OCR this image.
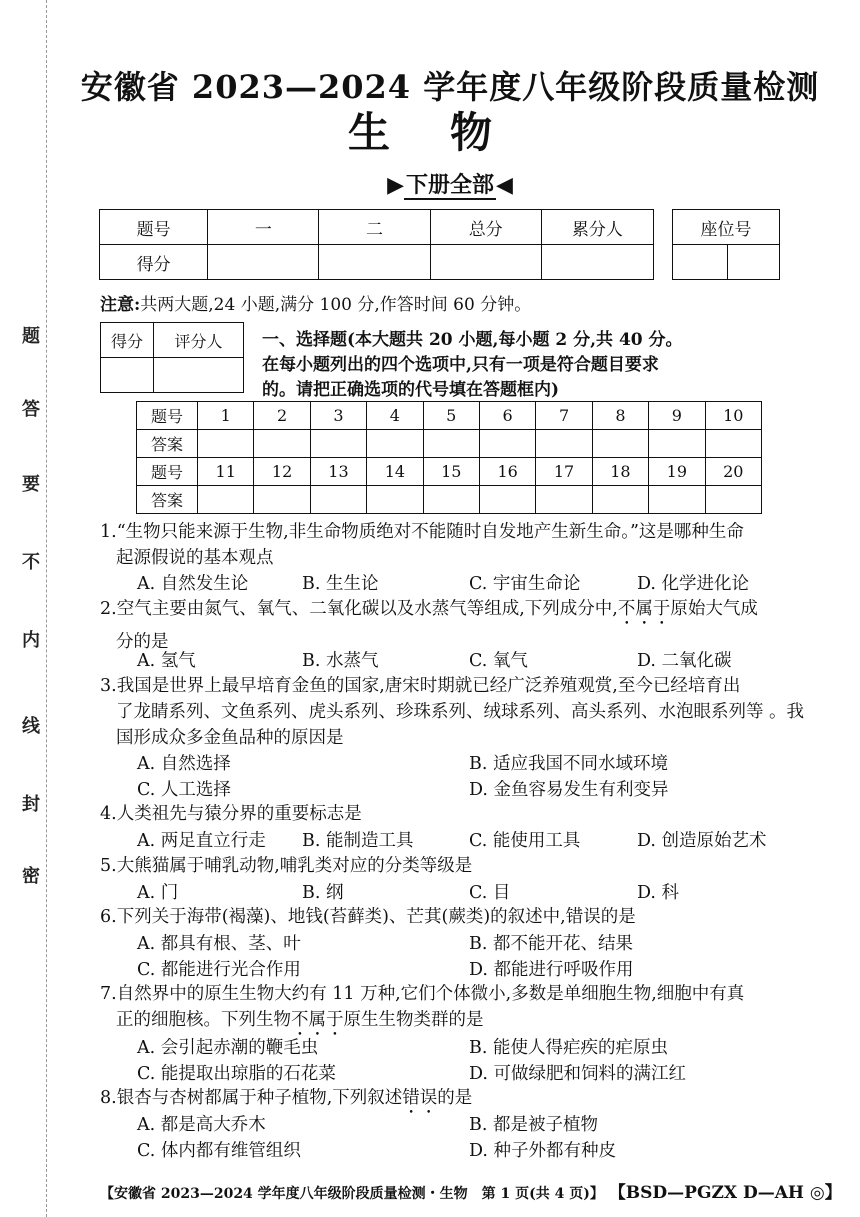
题
答
要
不
内
线
封
密
安徽省 2023—2024 学年度八年级阶段质量检测
生物
▶下册全部◀
题号	一	二	总分	累分人
得分				
座位号

注意:共两大题,24 小题,满分 100 分,作答时间 60 分钟。
得分	评分人
	一、选择题(本大题共 20 小题,每小题 2 分,共 40 分。在每小题列出的四个选项中,只有一项是符合题目要求的。请把正确选项的代号填在答题框内)
题号	1	2	3	4	5	6	7	8	9	10
答案										
题号	11	12	13	14	15	16	17	18	19	20
答案										
1.“生物只能来源于生物,非生命物质绝对不能随时自发地产生新生命。”这是哪种生命
起源假说的基本观点
A. 自然发生论	B. 生生论	C. 宇宙生命论	D. 化学进化论
2.空气主要由氮气、氧气、二氧化碳以及水蒸气等组成,下列成分中,不属于原始大气成
分的是
A. 氢气	B. 水蒸气	C. 氧气	D. 二氧化碳
3.我国是世界上最早培育金鱼的国家,唐宋时期就已经广泛养殖观赏,至今已经培育出
了龙睛系列、文鱼系列、虎头系列、珍珠系列、绒球系列、高头系列、水泡眼系列等 。我
国形成众多金鱼品种的原因是
A. 自然选择	B. 适应我国不同水域环境
C. 人工选择	D. 金鱼容易发生有利变异
4.人类祖先与猿分界的重要标志是
A. 两足直立行走 B. 能制造工具	C. 能使用工具	D. 创造原始艺术
5.大熊猫属于哺乳动物,哺乳类对应的分类等级是
A. 门	B. 纲	C. 目	D. 科
6.下列关于海带(褐藻)、地钱(苔藓类)、芒萁(蕨类)的叙述中,错误的是
A. 都具有根、茎、叶	B. 都不能开花、结果
C. 都能进行光合作用	D. 都能进行呼吸作用
7.自然界中的原生生物大约有 11 万种,它们个体微小,多数是单细胞生物,细胞中有真
正的细胞核。下列生物不属于原生生物类群的是
A. 会引起赤潮的鞭毛虫	B. 能使人得疟疾的疟原虫
C. 能提取出琼脂的石花菜	D. 可做绿肥和饲料的满江红
8.银杏与杏树都属于种子植物,下列叙述错误的是
A. 都是高大乔木	B. 都是被子植物
C. 体内都有维管组织	D. 种子外都有种皮
【安徽省 2023—2024 学年度八年级阶段质量检测・生物　第 1 页(共 4 页)】 【BSD—PGZX D—AH ◎】
